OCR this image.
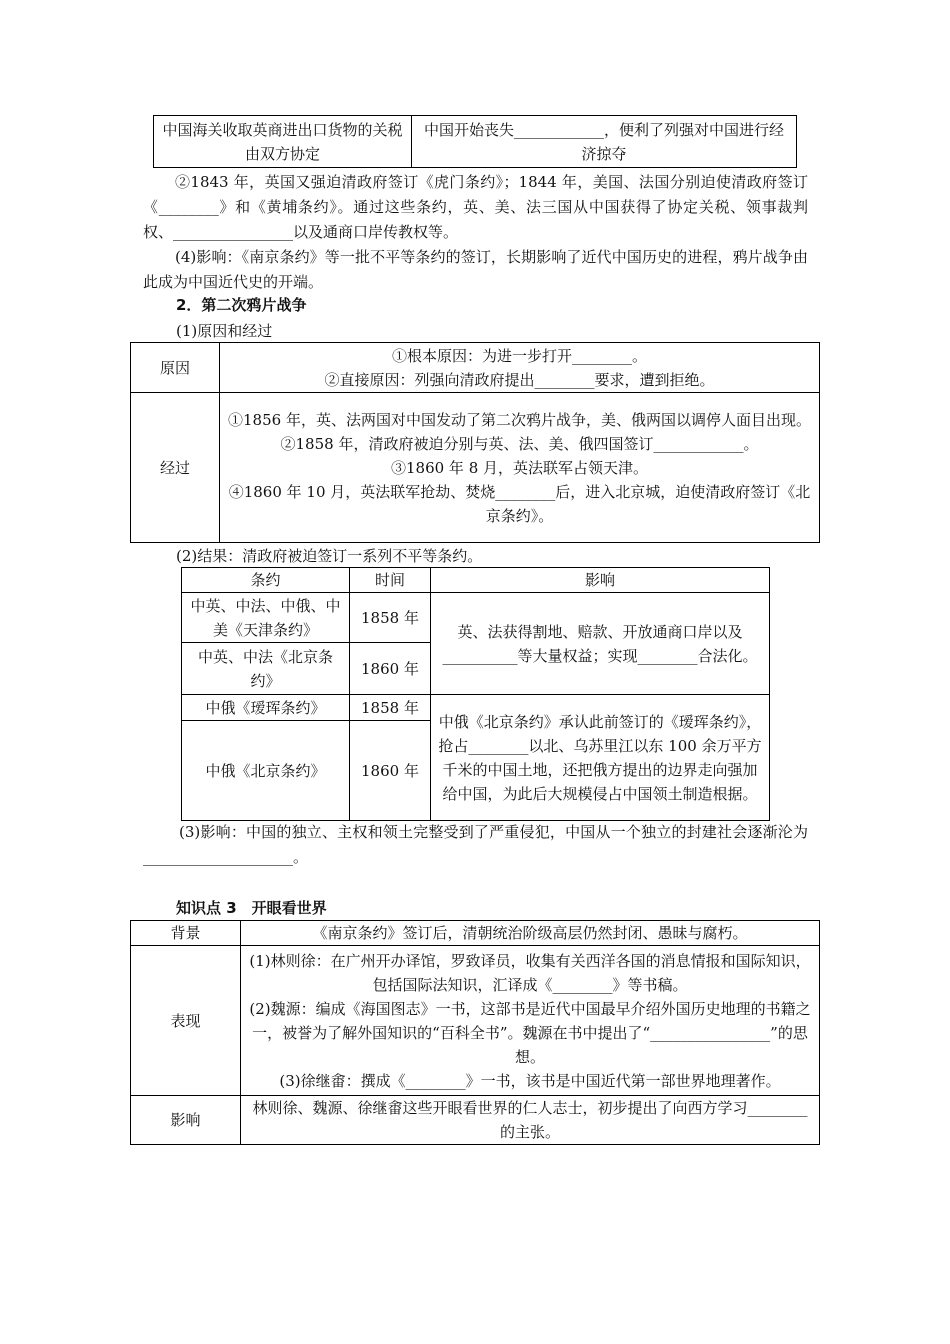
中国海关收取英商进出口货物的关税由双方协定	中国开始丧失____________，便利了列强对中国进行经济掠夺
②1843 年，英国又强迫清政府签订《虎门条约》；1844 年，美国、法国分别迫使清政府签订《________》和《黄埔条约》。通过这些条约，英、美、法三国从中国获得了协定关税、领事裁判权、________________以及通商口岸传教权等。
(4)影响：《南京条约》等一批不平等条约的签订，长期影响了近代中国历史的进程，鸦片战争由此成为中国近代史的开端。
2．第二次鸦片战争
(1)原因和经过
原因	①根本原因：为进一步打开________。
②直接原因：列强向清政府提出________要求，遭到拒绝。

经过	①1856 年，英、法两国对中国发动了第二次鸦片战争，美、俄两国以调停人面目出现。
②1858 年，清政府被迫分别与英、法、美、俄四国签订____________。
③1860 年 8 月，英法联军占领天津。
④1860 年 10 月，英法联军抢劫、焚烧________后，进入北京城，迫使清政府签订《北京条约》。
(2)结果：清政府被迫签订一系列不平等条约。
条约	时间	影响
中英、中法、中俄、中美《天津条约》	1858 年	英、法获得割地、赔款、开放通商口岸以及__________等大量权益；实现________合法化。
中英、中法《北京条约》	1860 年	
中俄《瑷珲条约》	1858 年	中俄《北京条约》承认此前签订的《瑷珲条约》，抢占________以北、乌苏里江以东 100 余万平方千米的中国土地，还把俄方提出的边界走向强加给中国，为此后大规模侵占中国领土制造根据。
中俄《北京条约》	1860 年	
(3)影响：中国的独立、主权和领土完整受到了严重侵犯，中国从一个独立的封建社会逐渐沦为____________________。
知识点 3　开眼看世界
背景	《南京条约》签订后，清朝统治阶级高层仍然封闭、愚昧与腐朽。
表现	(1)林则徐：在广州开办译馆，罗致译员，收集有关西洋各国的消息情报和国际知识，包括国际法知识，汇译成《________》等书稿。
(2)魏源：编成《海国图志》一书，这部书是近代中国最早介绍外国历史地理的书籍之一，被誉为了解外国知识的“百科全书”。魏源在书中提出了“________________”的思想。
(3)徐继畬：撰成《________》一书，该书是中国近代第一部世界地理著作。

影响	林则徐、魏源、徐继畬这些开眼看世界的仁人志士，初步提出了向西方学习________的主张。
